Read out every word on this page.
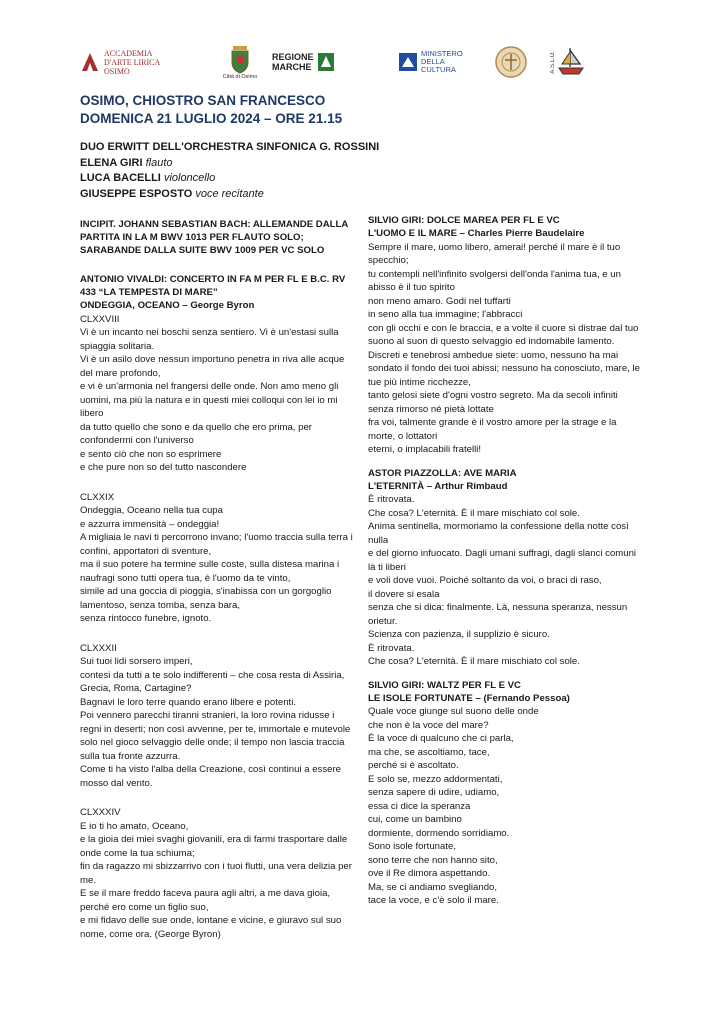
ACCADEMIA
D'ARTE LIRICA
OSIMO
Città di Osimo
REGIONE
MARCHE
MINISTERO
DELLA
CULTURA	A.S.L.O.

OSIMO, CHIOSTRO SAN FRANCESCO

DOMENICA 21 LUGLIO 2024 – ORE 21.15

DUO ERWITT DELL'ORCHESTRA SINFONICA G. ROSSINI
ELENA GIRI flauto
LUCA BACELLI violoncello
GIUSEPPE ESPOSTO voce recitante

INCIPIT. JOHANN SEBASTIAN BACH: ALLEMANDE DALLA PARTITA IN LA M BWV 1013 PER FLAUTO SOLO; SARABANDE DALLA SUITE BWV 1009 PER VC SOLO

ANTONIO VIVALDI: CONCERTO IN FA M PER FL E B.C. RV 433 “LA TEMPESTA DI MARE”

ONDEGGIA, OCEANO – George Byron

CLXXVIII
Vi è un incanto nei boschi senza sentiero. Vi è un'estasi sulla spiaggia solitaria.
Vi è un asilo dove nessun importuno penetra in riva alle acque del mare profondo,
e vi è un'armonia nel frangersi delle onde. Non amo meno gli uomini, ma più la natura e in questi miei colloqui con lei io mi libero
da tutto quello che sono e da quello che ero prima, per confondermi con l'universo
e sento ciò che non so esprimere
e che pure non so del tutto nascondere

CLXXIX
Ondeggia, Oceano nella tua cupa
e azzurra immensità – ondeggia!
A migliaia le navi ti percorrono invano; l'uomo traccia sulla terra i confini, apportatori di sventure,
ma il suo potere ha termine sulle coste, sulla distesa marina i naufragi sono tutti opera tua, è l'uomo da te vinto,
simile ad una goccia di pioggia, s'inabissa con un gorgoglio lamentoso, senza tomba, senza bara,
senza rintocco funebre, ignoto.

CLXXXII
Sui tuoi lidi sorsero imperi,
contesi da tutti a te solo indifferenti – che cosa resta di Assiria, Grecia, Roma, Cartagine?
Bagnavi le loro terre quando erano libere e potenti.
Poi vennero parecchi tiranni stranieri, la loro rovina ridusse i regni in deserti; non così avvenne, per te, immortale e mutevole solo nel gioco selvaggio delle onde; il tempo non lascia traccia
sulla tua fronte azzurra.
Come ti ha visto l'alba della Creazione, così continui a essere mosso dal vento.

CLXXXIV
E io ti ho amato, Oceano,
e la gioia dei miei svaghi giovanili, era di farmi trasportare dalle onde come la tua schiuma;
fin da ragazzo mi sbizzarrivo con i tuoi flutti, una vera delizia per me.
E se il mare freddo faceva paura agli altri, a me dava gioia, perché ero come un figlio suo,
e mi fidavo delle sue onde, lontane e vicine, e giuravo sul suo nome, come ora. (George Byron)

SILVIO GIRI: DOLCE MAREA PER FL E VC

L'UOMO E IL MARE – Charles Pierre Baudelaire

Sempre il mare, uomo libero, amerai! perché il mare è il tuo specchio;
tu contempli nell'infinito svolgersi dell'onda l'anima tua, e un abisso è il tuo spirito
non meno amaro. Godi nel tuffarti
in seno alla tua immagine; l'abbracci
con gli occhi e con le braccia, e a volte il cuore si distrae dal tuo suono al suon di questo selvaggio ed indomabile lamento.
Discreti e tenebrosi ambedue siete: uomo, nessuno ha mai sondato il fondo dei tuoi abissi; nessuno ha conosciuto, mare, le tue più intime ricchezze,
tanto gelosi siete d'ogni vostro segreto. Ma da secoli infiniti senza rimorso né pietà lottate
fra voi, talmente grande è il vostro amore per la strage e la morte, o lottatori
eterni, o implacabili fratelli!

ASTOR PIAZZOLLA: AVE MARIA

L'ETERNITÀ – Arthur Rimbaud

È ritrovata.
Che cosa? L'eternità. È il mare mischiato col sole.
Anima sentinella, mormoriamo la confessione della notte così nulla
e del giorno infuocato. Dagli umani suffragi, dagli slanci comuni
là ti liberi
e voli dove vuoi. Poiché soltanto da voi, o braci di raso,
il dovere si esala
senza che si dica: finalmente. Là, nessuna speranza, nessun orietur.
Scienza con pazienza, il supplizio è sicuro.
È ritrovata.
Che cosa? L'eternità. È il mare mischiato col sole.

SILVIO GIRI: WALTZ PER FL E VC

LE ISOLE FORTUNATE – (Fernando Pessoa)

Quale voce giunge sul suono delle onde
che non è la voce del mare?
È la voce di qualcuno che ci parla,
ma che, se ascoltiamo, tace,
perché si è ascoltato.
E solo se, mezzo addormentati,
senza sapere di udire, udiamo,
essa ci dice la speranza
cui, come un bambino
dormiente, dormendo sorridiamo.
Sono isole fortunate,
sono terre che non hanno sito,
ove il Re dimora aspettando.
Ma, se ci andiamo svegliando,
tace la voce, e c'è solo il mare.
